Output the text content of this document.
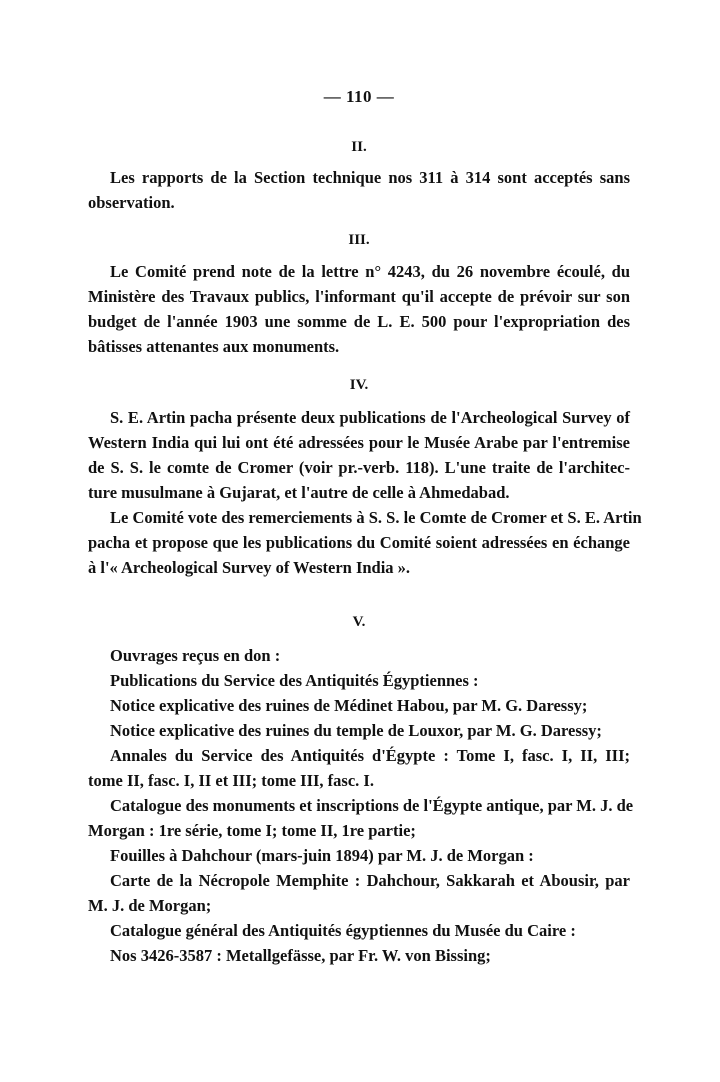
— 110 —
II.
Les rapports de la Section technique nos 311 à 314 sont acceptés sans
observation.
III.
Le Comité prend note de la lettre n° 4243, du 26 novembre écoulé, du
Ministère des Travaux publics, l'informant qu'il accepte de prévoir sur son
budget de l'année 1903 une somme de L. E. 500 pour l'expropriation des
bâtisses attenantes aux monuments.
IV.
S. E. Artin pacha présente deux publications de l'Archeological Survey of
Western India qui lui ont été adressées pour le Musée Arabe par l'entremise
de S. S. le comte de Cromer (voir pr.-verb. 118). L'une traite de l'architec-
ture musulmane à Gujarat, et l'autre de celle à Ahmedabad.
Le Comité vote des remerciements à S. S. le Comte de Cromer et S. E. Artin
pacha et propose que les publications du Comité soient adressées en échange
à l'« Archeological Survey of Western India ».
V.
Ouvrages reçus en don :
Publications du Service des Antiquités Égyptiennes :
Notice explicative des ruines de Médinet Habou, par M. G. Daressy;
Notice explicative des ruines du temple de Louxor, par M. G. Daressy;
Annales du Service des Antiquités d'Égypte : Tome I, fasc. I, II, III;
tome II, fasc. I, II et III; tome III, fasc. I.
Catalogue des monuments et inscriptions de l'Égypte antique, par M. J. de
Morgan : 1re série, tome I; tome II, 1re partie;
Fouilles à Dahchour (mars-juin 1894) par M. J. de Morgan :
Carte de la Nécropole Memphite : Dahchour, Sakkarah et Abousir, par
M. J. de Morgan;
Catalogue général des Antiquités égyptiennes du Musée du Caire :
Nos 3426-3587 : Metallgefässe, par Fr. W. von Bissing;
